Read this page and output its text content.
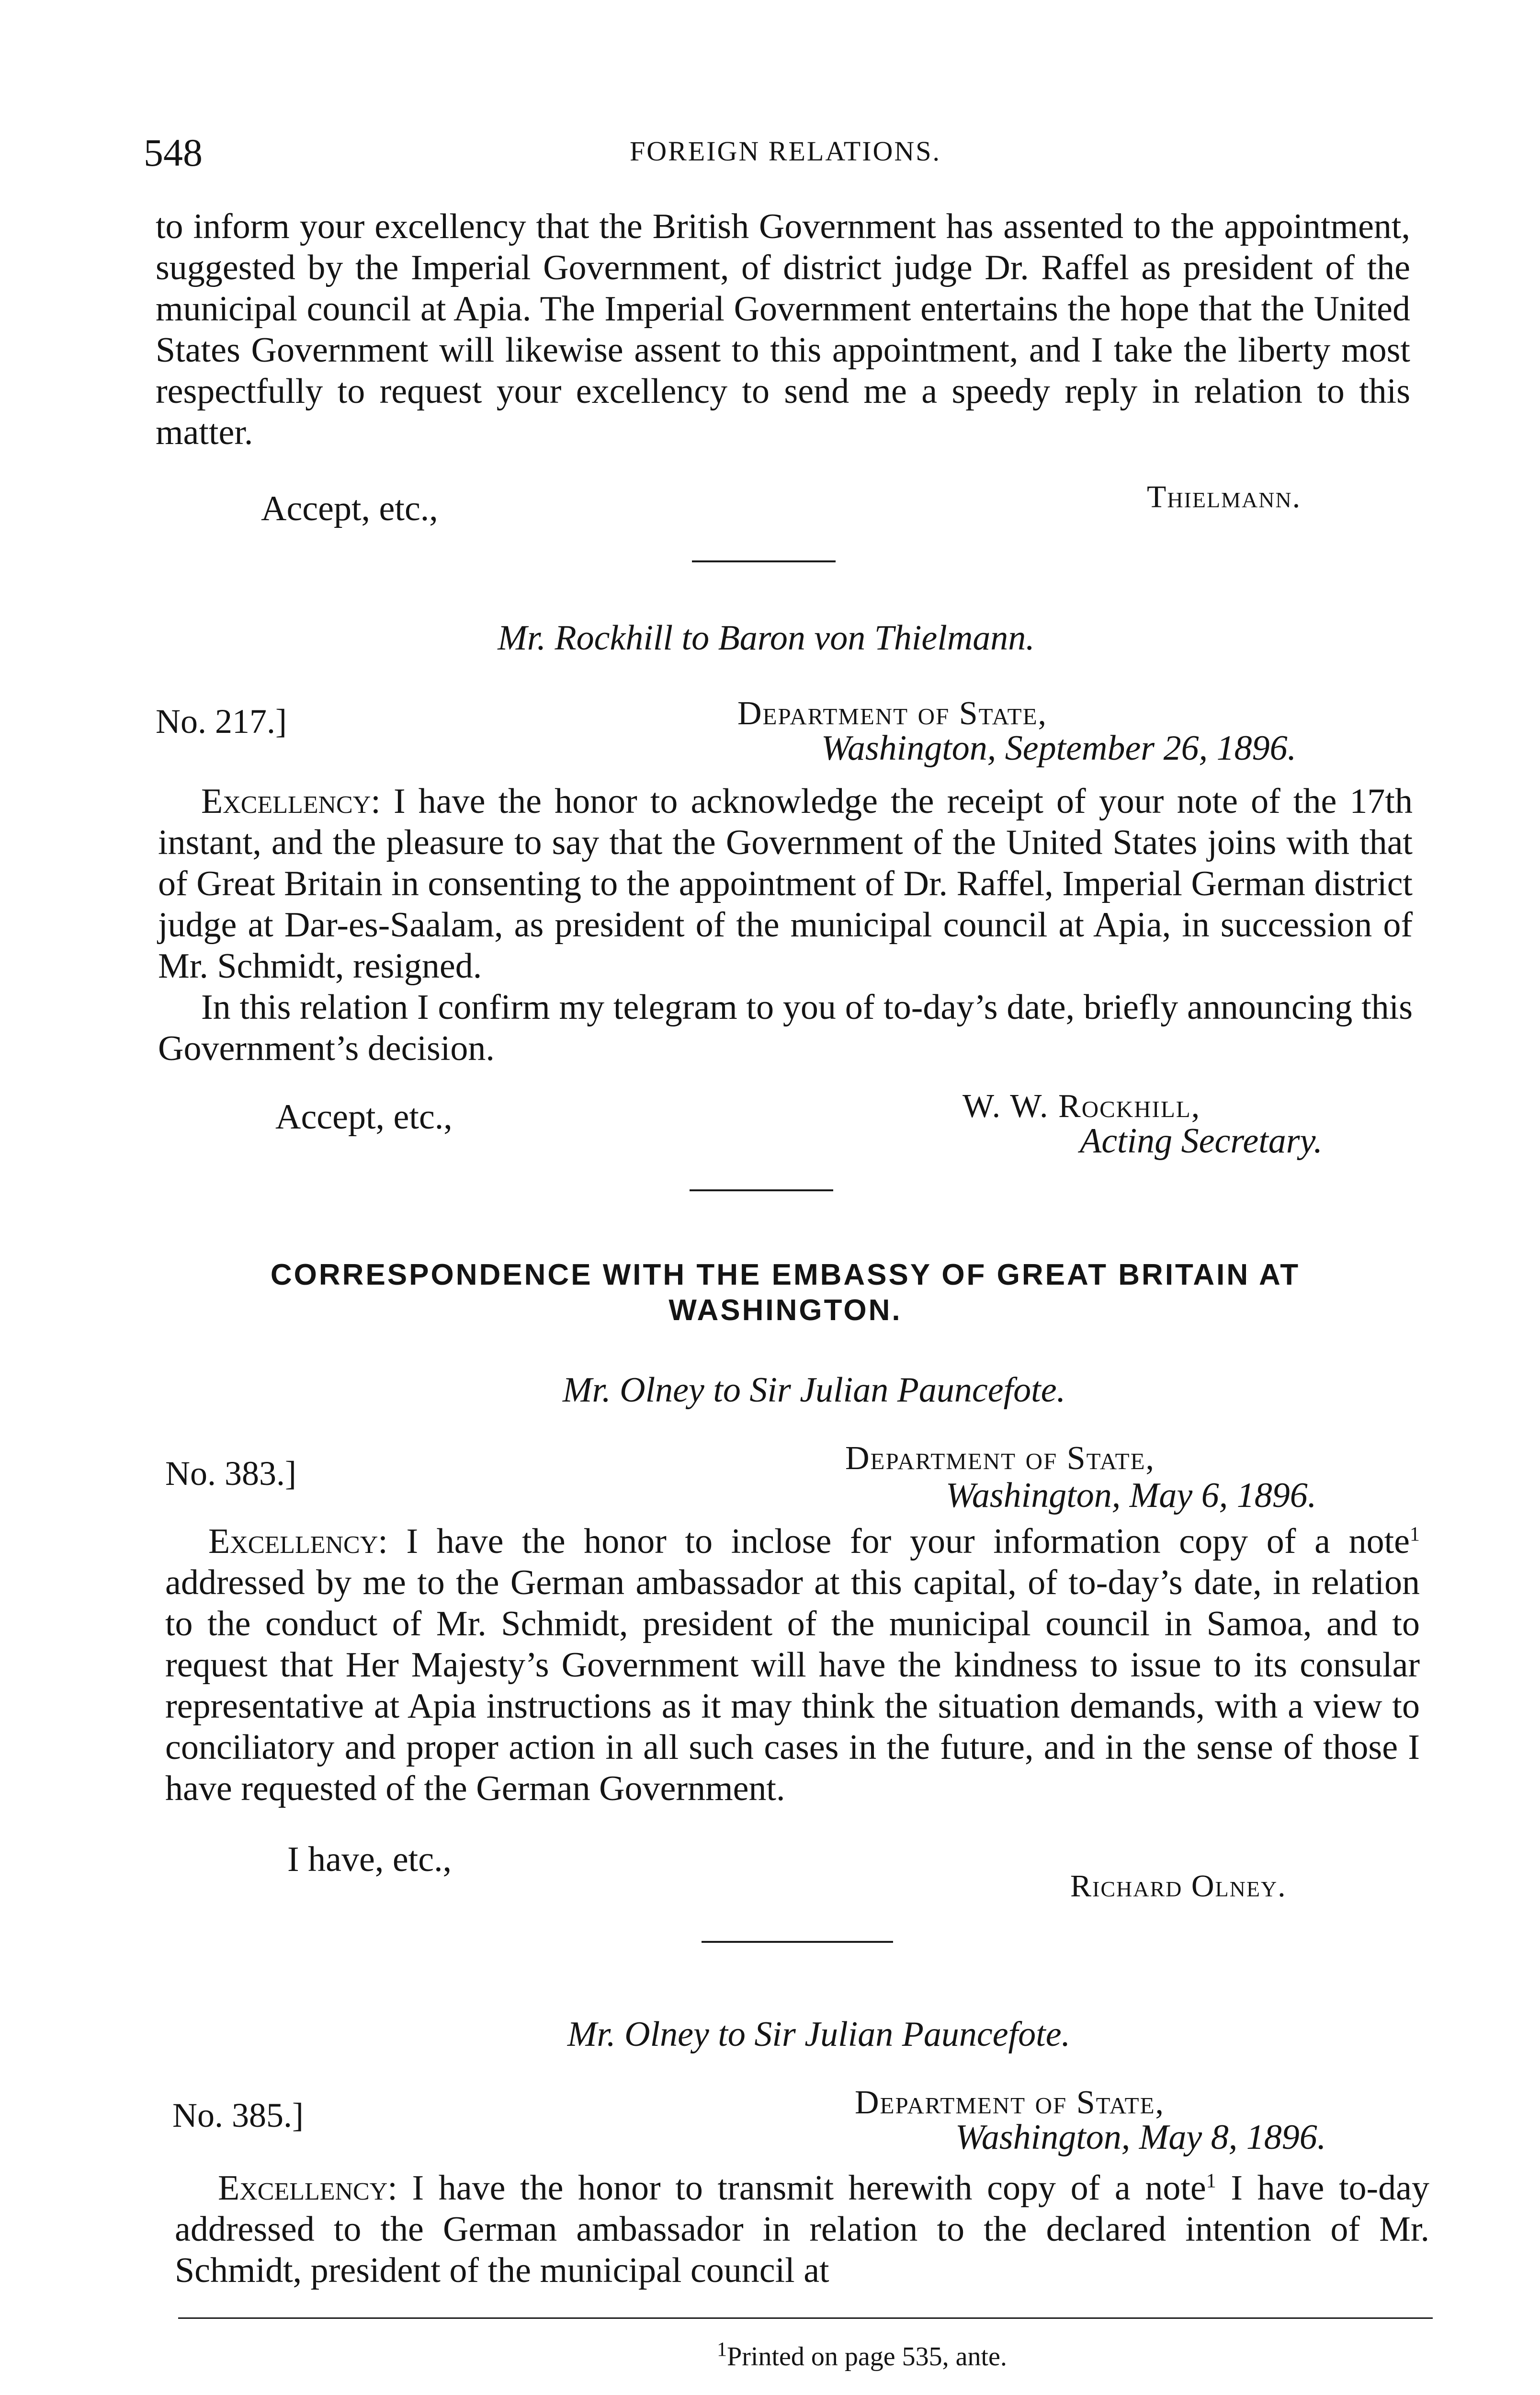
548	FOREIGN RELATIONS.

to inform your excellency that the British Government has assented to the appointment, suggested by the Imperial Government, of district judge Dr. Raffel as president of the municipal council at Apia. The Imperial Government entertains the hope that the United States Government will likewise assent to this appointment, and I take the liberty most respectfully to request your excellency to send me a speedy reply in relation to this matter.

Accept, etc.,	Thielmann.
Mr. Rockhill to Baron von Thielmann.
No. 217.]	Department of State,
Washington, September 26, 1896.

Excellency: I have the honor to acknowledge the receipt of your note of the 17th instant, and the pleasure to say that the Government of the United States joins with that of Great Britain in consenting to the appointment of Dr. Raffel, Imperial German district judge at Dar-es-Saalam, as president of the municipal council at Apia, in succession of Mr. Schmidt, resigned.

In this relation I confirm my telegram to you of to-day’s date, briefly announcing this Government’s decision.

Accept, etc.,	W. W. Rockhill,
Acting Secretary.
CORRESPONDENCE WITH THE EMBASSY OF GREAT BRITAIN AT WASHINGTON.
Mr. Olney to Sir Julian Pauncefote.
No. 383.]	Department of State,
Washington, May 6, 1896.

Excellency: I have the honor to inclose for your information copy of a note$^1$ addressed by me to the German ambassador at this capital, of to-day’s date, in relation to the conduct of Mr. Schmidt, president of the municipal council in Samoa, and to request that Her Majesty’s Government will have the kindness to issue to its consular representative at Apia instructions as it may think the situation demands, with a view to conciliatory and proper action in all such cases in the future, and in the sense of those I have requested of the German Government.

I have, etc.,
Richard Olney.
Mr. Olney to Sir Julian Pauncefote.
No. 385.]	Department of State,
Washington, May 8, 1896.

Excellency: I have the honor to transmit herewith copy of a note$^1$ I have to-day addressed to the German ambassador in relation to the declared intention of Mr. Schmidt, president of the municipal council at

$^1$Printed on page 535, ante.
